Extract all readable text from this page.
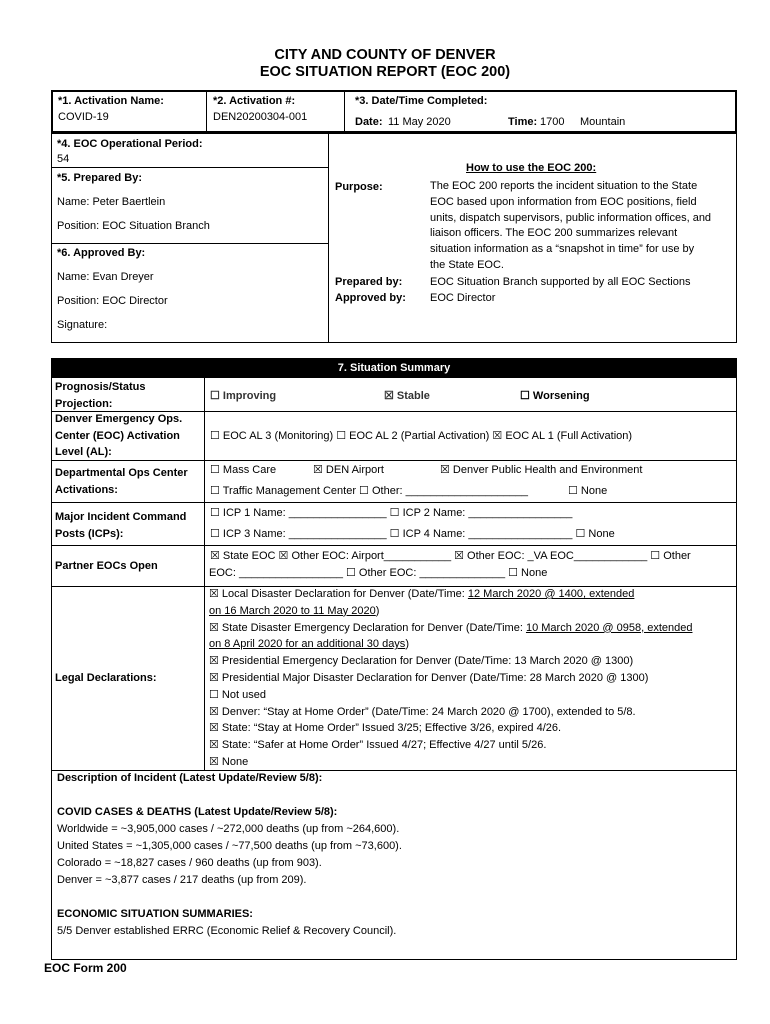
CITY AND COUNTY OF DENVER
EOC SITUATION REPORT (EOC 200)
*1. Activation Name:
COVID-19
*2. Activation #:
DEN20200304-001
*3. Date/Time Completed:
Date: 11 May 2020	Time: 1700 Mountain
*4. EOC Operational Period:
54
*5. Prepared By:
Name: Peter Baertlein
Position: EOC Situation Branch
*6. Approved By:
Name: Evan Dreyer
Position: EOC Director
Signature:
How to use the EOC 200:
Purpose:	The EOC 200 reports the incident situation to the State
EOC based upon information from EOC positions, field
units, dispatch supervisors, public information offices, and
liaison officers. The EOC 200 summarizes relevant
situation information as a “snapshot in time” for use by
the State EOC.
Prepared by:	EOC Situation Branch supported by all EOC Sections
Approved by: EOC Director
7. Situation Summary
Prognosis/Status Projection:
☐ Improving	☒ Stable	☐ Worsening
Denver Emergency Ops. Center (EOC) Activation Level (AL):
☐ EOC AL 3 (Monitoring) ☐ EOC AL 2 (Partial Activation) ☒ EOC AL 1 (Full Activation)
Departmental Ops Center Activations:
☐ Mass Care	☒ DEN Airport	☒ Denver Public Health and Environment
☐ Traffic Management Center ☐ Other: ____________________	☐ None
Major Incident Command Posts (ICPs):
☐ ICP 1 Name: ________________ ☐ ICP 2 Name: _________________
☐ ICP 3 Name: ________________ ☐ ICP 4 Name: _________________ ☐ None
Partner EOCs Open
☒ State EOC ☒ Other EOC: Airport___________ ☒ Other EOC: _VA EOC____________ ☐ Other
EOC: _________________ ☐ Other EOC: ______________ ☐ None
Legal Declarations:
☒ Local Disaster Declaration for Denver (Date/Time: 12 March 2020 @ 1400, extended
on 16 March 2020 to 11 May 2020)
☒ State Disaster Emergency Declaration for Denver (Date/Time: 10 March 2020 @ 0958, extended
on 8 April 2020 for an additional 30 days)
☒ Presidential Emergency Declaration for Denver (Date/Time: 13 March 2020 @ 1300)
☒ Presidential Major Disaster Declaration for Denver (Date/Time: 28 March 2020 @ 1300)
☐ Not used
☒ Denver: “Stay at Home Order” (Date/Time: 24 March 2020 @ 1700), extended to 5/8.
☒ State: “Stay at Home Order” Issued 3/25; Effective 3/26, expired 4/26.
☒ State: “Safer at Home Order” Issued 4/27; Effective 4/27 until 5/26.
☒ None
Description of Incident (Latest Update/Review 5/8):
COVID CASES & DEATHS (Latest Update/Review 5/8):
Worldwide = ~3,905,000 cases / ~272,000 deaths (up from ~264,600).
United States = ~1,305,000 cases / ~77,500 deaths (up from ~73,600).
Colorado = ~18,827 cases / 960 deaths (up from 903).
Denver = ~3,877 cases / 217 deaths (up from 209).
ECONOMIC SITUATION SUMMARIES:
5/5 Denver established ERRC (Economic Relief & Recovery Council).
EOC Form 200
